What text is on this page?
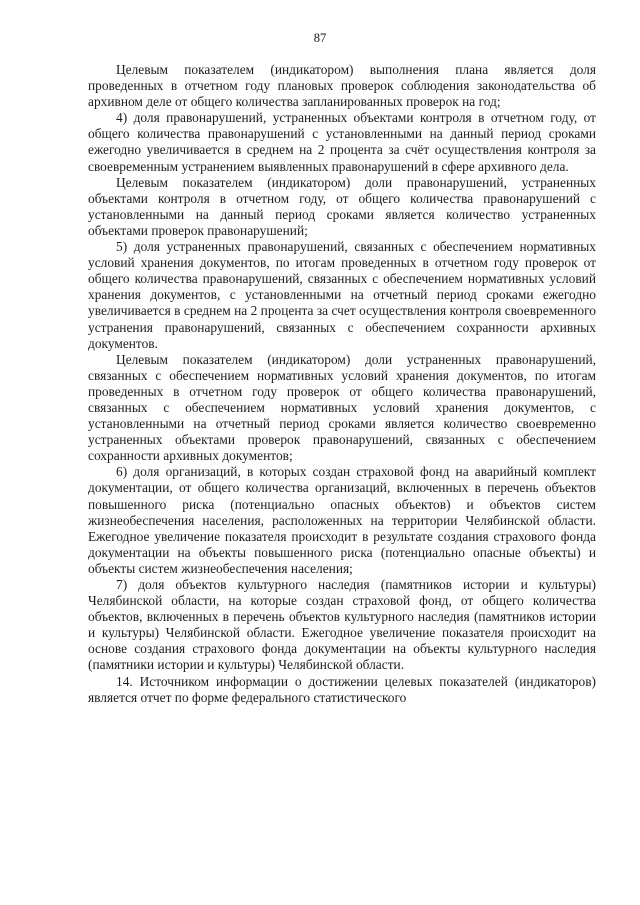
87

Целевым показателем (индикатором) выполнения плана является доля проведенных в отчетном году плановых проверок соблюдения законодательства об архивном деле от общего количества запланированных проверок на год;

4) доля правонарушений, устраненных объектами контроля в отчетном году, от общего количества правонарушений с установленными на данный период сроками ежегодно увеличивается в среднем на 2 процента за счёт осуществления контроля за своевременным устранением выявленных правонарушений в сфере архивного дела.

Целевым показателем (индикатором) доли правонарушений, устраненных объектами контроля в отчетном году, от общего количества правонарушений с установленными на данный период сроками является количество устраненных объектами проверок правонарушений;

5) доля устраненных правонарушений, связанных с обеспечением нормативных условий хранения документов, по итогам проведенных в отчетном году проверок от общего количества правонарушений, связанных с обеспечением нормативных условий хранения документов, с установленными на отчетный период сроками ежегодно увеличивается в среднем на 2 процента за счет осуществления контроля своевременного устранения правонарушений, связанных с обеспечением сохранности архивных документов.

Целевым показателем (индикатором) доли устраненных правонарушений, связанных с обеспечением нормативных условий хранения документов, по итогам проведенных в отчетном году проверок от общего количества правонарушений, связанных с обеспечением нормативных условий хранения документов, с установленными на отчетный период сроками является количество своевременно устраненных объектами проверок правонарушений, связанных с обеспечением сохранности архивных документов;

6) доля организаций, в которых создан страховой фонд на аварийный комплект документации, от общего количества организаций, включенных в перечень объектов повышенного риска (потенциально опасных объектов) и объектов систем жизнеобеспечения населения, расположенных на территории Челябинской области. Ежегодное увеличение показателя происходит в результате создания страхового фонда документации на объекты повышенного риска (потенциально опасные объекты) и объекты систем жизнеобеспечения населения;

7) доля объектов культурного наследия (памятников истории и культуры) Челябинской области, на которые создан страховой фонд, от общего количества объектов, включенных в перечень объектов культурного наследия (памятников истории и культуры) Челябинской области. Ежегодное увеличение показателя происходит на основе создания страхового фонда документации на объекты культурного наследия (памятники истории и культуры) Челябинской области.

14. Источником информации о достижении целевых показателей (индикаторов) является отчет по форме федерального статистического
